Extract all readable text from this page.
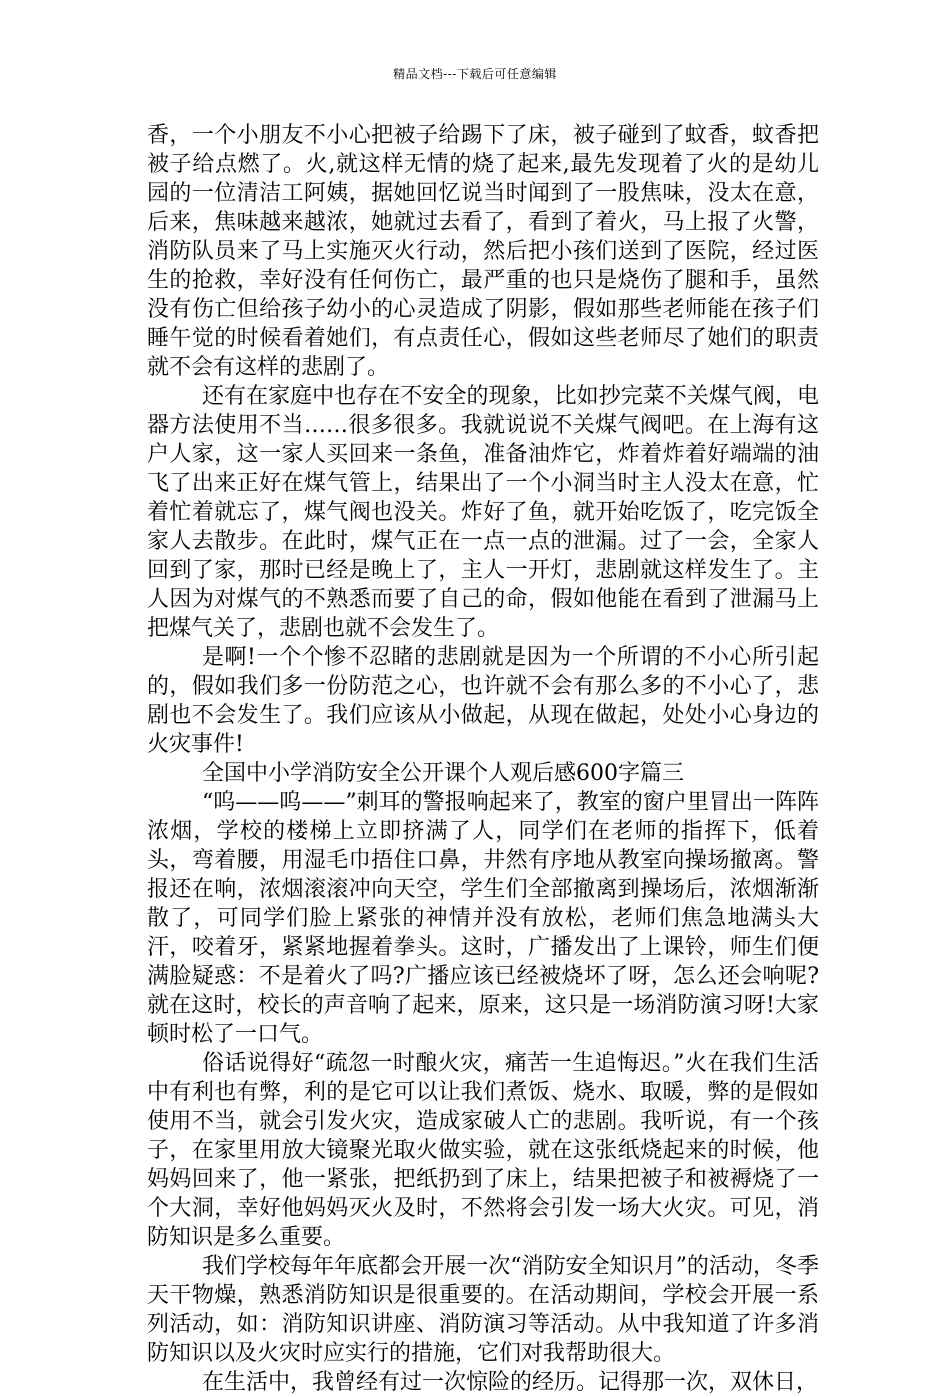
精品文档---下载后可任意编辑

香，一个小朋友不小心把被子给踢下了床，被子碰到了蚊香，蚊香把被子给点燃了。火,就这样无情的烧了起来,最先发现着了火的是幼儿园的一位清洁工阿姨，据她回忆说当时闻到了一股焦味，没太在意，后来，焦味越来越浓，她就过去看了，看到了着火，马上报了火警，消防队员来了马上实施灭火行动，然后把小孩们送到了医院，经过医生的抢救，幸好没有任何伤亡，最严重的也只是烧伤了腿和手，虽然没有伤亡但给孩子幼小的心灵造成了阴影，假如那些老师能在孩子们睡午觉的时候看着她们，有点责任心，假如这些老师尽了她们的职责就不会有这样的悲剧了。

还有在家庭中也存在不安全的现象，比如抄完菜不关煤气阀，电器方法使用不当……很多很多。我就说说不关煤气阀吧。在上海有这户人家，这一家人买回来一条鱼，准备油炸它，炸着炸着好端端的油飞了出来正好在煤气管上，结果出了一个小洞当时主人没太在意，忙着忙着就忘了，煤气阀也没关。炸好了鱼，就开始吃饭了，吃完饭全家人去散步。在此时，煤气正在一点一点的泄漏。过了一会，全家人回到了家，那时已经是晚上了，主人一开灯，悲剧就这样发生了。主人因为对煤气的不熟悉而要了自己的命，假如他能在看到了泄漏马上把煤气关了，悲剧也就不会发生了。

是啊!一个个惨不忍睹的悲剧就是因为一个所谓的不小心所引起的，假如我们多一份防范之心，也许就不会有那么多的不小心了，悲剧也不会发生了。我们应该从小做起，从现在做起，处处小心身边的火灾事件!

全国中小学消防安全公开课个人观后感600字篇三

“呜——呜——”刺耳的警报响起来了，教室的窗户里冒出一阵阵浓烟，学校的楼梯上立即挤满了人，同学们在老师的指挥下，低着头，弯着腰，用湿毛巾捂住口鼻，井然有序地从教室向操场撤离。警报还在响，浓烟滚滚冲向天空，学生们全部撤离到操场后，浓烟渐渐散了，可同学们脸上紧张的神情并没有放松，老师们焦急地满头大汗，咬着牙，紧紧地握着拳头。这时，广播发出了上课铃，师生们便满脸疑惑：不是着火了吗?广播应该已经被烧坏了呀，怎么还会响呢?就在这时，校长的声音响了起来，原来，这只是一场消防演习呀!大家顿时松了一口气。

俗话说得好“疏忽一时酿火灾，痛苦一生追悔迟。”火在我们生活中有利也有弊，利的是它可以让我们煮饭、烧水、取暖，弊的是假如使用不当，就会引发火灾，造成家破人亡的悲剧。我听说，有一个孩子，在家里用放大镜聚光取火做实验，就在这张纸烧起来的时候，他妈妈回来了，他一紧张，把纸扔到了床上，结果把被子和被褥烧了一个大洞，幸好他妈妈灭火及时，不然将会引发一场大火灾。可见，消防知识是多么重要。

我们学校每年年底都会开展一次“消防安全知识月”的活动，冬季天干物燥，熟悉消防知识是很重要的。在活动期间，学校会开展一系列活动，如：消防知识讲座、消防演习等活动。从中我知道了许多消防知识以及火灾时应实行的措施，它们对我帮助很大。

在生活中，我曾经有过一次惊险的经历。记得那一次，双休日，
